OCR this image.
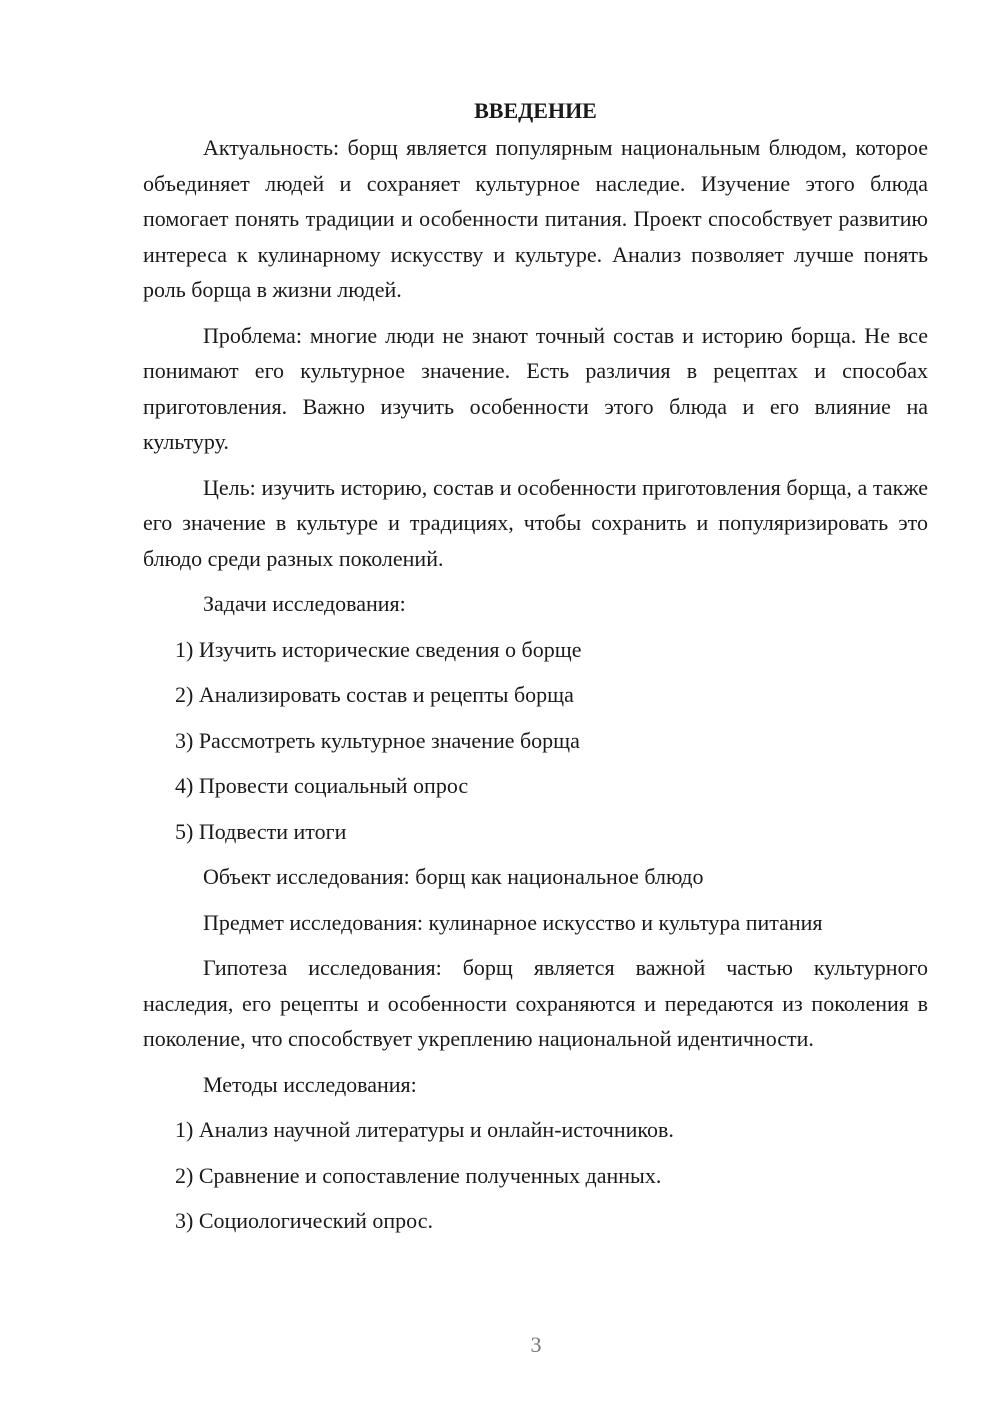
ВВЕДЕНИЕ

Актуальность: борщ является популярным национальным блюдом, которое объединяет людей и сохраняет культурное наследие. Изучение этого блюда помогает понять традиции и особенности питания. Проект способствует развитию интереса к кулинарному искусству и культуре. Анализ позволяет лучше понять роль борща в жизни людей.

Проблема: многие люди не знают точный состав и историю борща. Не все понимают его культурное значение. Есть различия в рецептах и способах приготовления. Важно изучить особенности этого блюда и его влияние на культуру.

Цель: изучить историю, состав и особенности приготовления борща, а также его значение в культуре и традициях, чтобы сохранить и популяризировать это блюдо среди разных поколений.

Задачи исследования:

1) Изучить исторические сведения о борще
2) Анализировать состав и рецепты борща
3) Рассмотреть культурное значение борща
4) Провести социальный опрос
5) Подвести итоги

Объект исследования: борщ как национальное блюдо

Предмет исследования: кулинарное искусство и культура питания

Гипотеза исследования: борщ является важной частью культурного наследия, его рецепты и особенности сохраняются и передаются из поколения в поколение, что способствует укреплению национальной идентичности.

Методы исследования:

1) Анализ научной литературы и онлайн-источников.
2) Сравнение и сопоставление полученных данных.
3) Социологический опрос.
3
